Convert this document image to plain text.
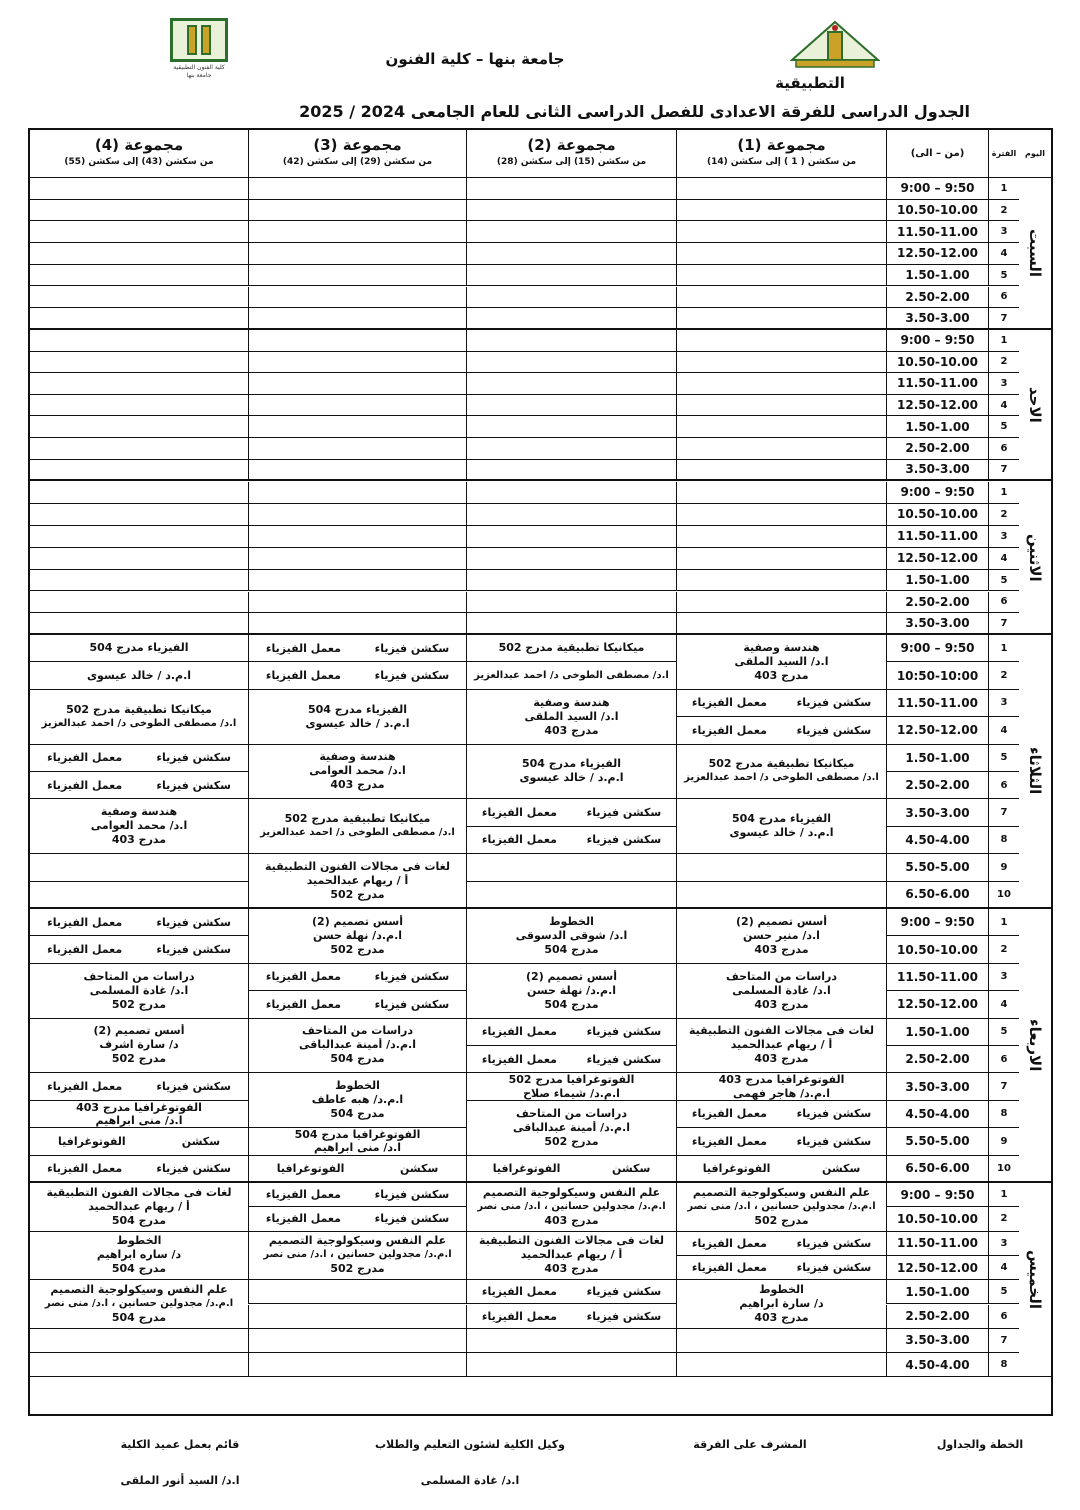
كلية الفنون التطبيقية جامعة بنها
جامعة بنها – كلية الفنون
التطبيقية
الجدول الدراسى للفرقة الاعدادى للفصل الدراسى الثانى للعام الجامعى 2024 / 2025
اليوم
الفترة
(من – الى)
مجموعة (1)
من سكشن ( 1 ) إلى سكشن (14)
مجموعة (2)
من سكشن (15) إلى سكشن (28)
مجموعة (3)
من سكشن (29) إلى سكشن (42)
مجموعة (4)
من سكشن (43) إلى سكشن (55)
السبت
1
9:50 – 9:00
2
10.50-10.00
3
11.50-11.00
4
12.50-12.00
5
1.50-1.00
6
2.50-2.00
7
3.50-3.00
الاحد
1
9:50 – 9:00
2
10.50-10.00
3
11.50-11.00
4
12.50-12.00
5
1.50-1.00
6
2.50-2.00
7
3.50-3.00
الاثنين
1
9:50 – 9:00
2
10.50-10.00
3
11.50-11.00
4
12.50-12.00
5
1.50-1.00
6
2.50-2.00
7
3.50-3.00
الثلاثاء
1
9:50 – 9:00
2
10:50-10:00
3
11.50-11.00
4
12.50-12.00
5
1.50-1.00
6
2.50-2.00
7
3.50-3.00
8
4.50-4.00
9
5.50-5.00
10
6.50-6.00
الاربعاء
1
9:50 – 9:00
2
10.50-10.00
3
11.50-11.00
4
12.50-12.00
5
1.50-1.00
6
2.50-2.00
7
3.50-3.00
8
4.50-4.00
9
5.50-5.00
10
6.50-6.00
الخميس
1
9:50 – 9:00
2
10.50-10.00
3
11.50-11.00
4
12.50-12.00
5
1.50-1.00
6
2.50-2.00
7
3.50-3.00
8
4.50-4.00
هندسة وصفية
ا.د/ السيد الملقى
مدرج 403
ميكانيكا تطبيقية مدرج 502
ا.د/ مصطفى الطوخى د/ احمد عبدالعزيز
سكشن فيزياء
معمل الفيزياء
سكشن فيزياء
معمل الفيزياء
الفيزياء مدرج 504
ا.م.د / خالد عيسوى
سكشن فيزياء
معمل الفيزياء
سكشن فيزياء
معمل الفيزياء
هندسة وصفية
ا.د/ السيد الملقى
مدرج 403
الفيزياء مدرج 504
ا.م.د / خالد عيسوى
ميكانيكا تطبيقية مدرج 502
ا.د/ مصطفى الطوخى د/ احمد عبدالعزيز
ميكانيكا تطبيقية مدرج 502
ا.د/ مصطفى الطوخى د/ احمد عبدالعزيز
الفيزياء مدرج 504
ا.م.د / خالد عيسوى
هندسة وصفية
ا.د/ محمد العوامى
مدرج 403
سكشن فيزياء
معمل الفيزياء
سكشن فيزياء
معمل الفيزياء
الفيزياء مدرج 504
ا.م.د / خالد عيسوى
سكشن فيزياء
معمل الفيزياء
سكشن فيزياء
معمل الفيزياء
ميكانيكا تطبيقية مدرج 502
ا.د/ مصطفى الطوخى د/ احمد عبدالعزيز
هندسة وصفية
ا.د/ محمد العوامى
مدرج 403
لغات فى مجالات الفنون التطبيقية
أ / ريهام عبدالحميد
مدرج 502
أسس تصميم (2)
ا.د/ منير حسن
مدرج 403
الخطوط
ا.د/ شوقى الدسوقى
مدرج 504
أسس تصميم (2)
ا.م.د/ نهلة حسن
مدرج 502
سكشن فيزياء
معمل الفيزياء
سكشن فيزياء
معمل الفيزياء
دراسات من المتاحف
ا.د/ غادة المسلمى
مدرج 403
أسس تصميم (2)
ا.م.د/ نهلة حسن
مدرج 504
سكشن فيزياء
معمل الفيزياء
سكشن فيزياء
معمل الفيزياء
دراسات من المتاحف
ا.د/ غادة المسلمى
مدرج 502
لغات فى مجالات الفنون التطبيقية
أ / ريهام عبدالحميد
مدرج 403
سكشن فيزياء
معمل الفيزياء
سكشن فيزياء
معمل الفيزياء
دراسات من المتاحف
ا.م.د/ أمينة عبدالباقى
مدرج 504
أسس تصميم (2)
د/ سارة اشرف
مدرج 502
الفوتوغرافيا مدرج 403
ا.م.د/ هاجر فهمى
الفوتوغرافيا مدرج 502
ا.م.د/ شيماء صلاح
الخطوط
ا.م.د/ هبه عاطف
مدرج 504
سكشن فيزياء
معمل الفيزياء
سكشن فيزياء
معمل الفيزياء
دراسات من المتاحف
ا.م.د/ أمينة عبدالباقى
مدرج 502
الفوتوغرافيا مدرج 403
ا.د/ منى ابراهيم
سكشن فيزياء
معمل الفيزياء
الفوتوغرافيا مدرج 504
ا.د/ منى ابراهيم
سكشن
الفوتوغرافيا
سكشن
الفوتوغرافيا
سكشن
الفوتوغرافيا
سكشن
الفوتوغرافيا
سكشن فيزياء
معمل الفيزياء
علم النفس وسيكولوجية التصميم
ا.م.د/ مجدولين حسانين ، ا.د/ منى نصر
مدرج 502
علم النفس وسيكولوجية التصميم
ا.م.د/ مجدولين حسانين ، ا.د/ منى نصر
مدرج 403
سكشن فيزياء
معمل الفيزياء
سكشن فيزياء
معمل الفيزياء
لغات فى مجالات الفنون التطبيقية
أ / ريهام عبدالحميد
مدرج 504
سكشن فيزياء
معمل الفيزياء
سكشن فيزياء
معمل الفيزياء
لغات فى مجالات الفنون التطبيقية
أ / ريهام عبدالحميد
مدرج 403
علم النفس وسيكولوجية التصميم
ا.م.د/ مجدولين حسانين ، ا.د/ منى نصر
مدرج 502
الخطوط
د/ ساره ابراهيم
مدرج 504
الخطوط
د/ سارة ابراهيم
مدرج 403
سكشن فيزياء
معمل الفيزياء
سكشن فيزياء
معمل الفيزياء
علم النفس وسيكولوجية التصميم
ا.م.د/ مجدولين حسانين ، ا.د/ منى نصر
مدرج 504
الخطة والجداول
المشرف على الفرقة
وكيل الكلية لشئون التعليم والطلاب
ا.د/ غادة المسلمى
قائم بعمل عميد الكلية
ا.د/ السيد أنور الملقى
